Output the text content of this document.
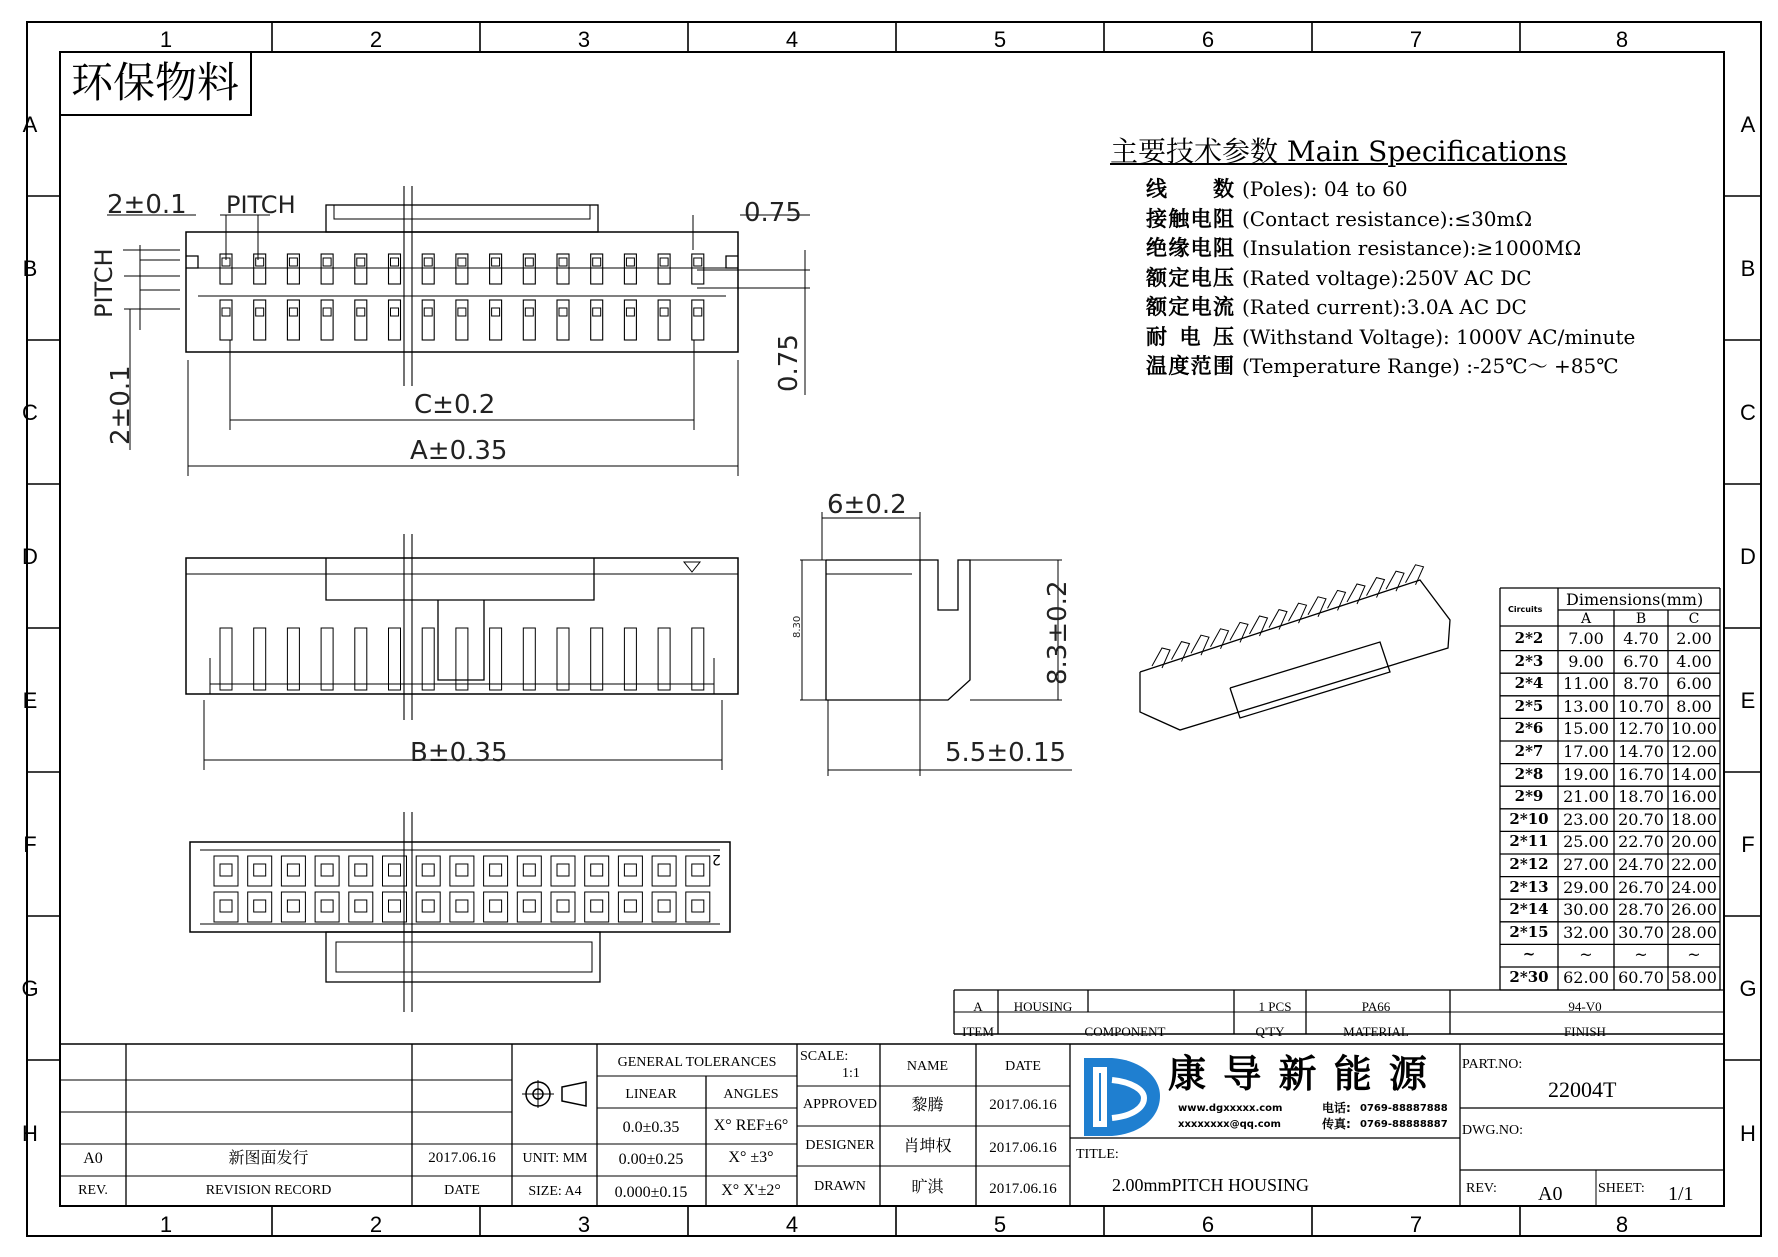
1
1
2
2
3
3
4
4
5
5
6
6
7
7
8
8
A	A
B	B
C	C
D	D
E	E
F	F
G	G
H	H
环保物料
主要技术参数 Main Specifications
线 数 (Poles): 04 to 60
接触电阻 (Contact resistance):≤30mΩ
绝缘电阻 (Insulation resistance):≥1000MΩ
额定电压 (Rated voltage):250V AC DC
额定电流 (Rated current):3.0A AC DC
耐 电 压 (Withstand Voltage): 1000V AC/minute
温度范围 (Temperature Range) :-25℃～ +85℃
2±0.1 PITCH
PITCH
2±0.1
0.75
0.75
C±0.2
A±0.35
B±0.35
6±0.2
8.3±0.2
8.30
5.5±0.15
2
Circuits
Dimensions(mm)
2*2	7.00	4.70	2.00
2*3	9.00	6.70	4.00
2*4	11.00 8.70	6.00
2*5	13.00 10.70 8.00
2*6	15.00 12.70 10.00
2*7	17.00 14.70 12.00
2*8	19.00 16.70 14.00
2*9	21.00 18.70 16.00
2*10 23.00 20.70 18.00
2*11 25.00 22.70 20.00
2*12 27.00 24.70 22.00
2*13 29.00 26.70 24.00
2*14 30.00 28.70 26.00
2*15 32.00 30.70 28.00
~	~	~	~
2*30 62.00 60.70 58.00
A	B	C
A	HOUSING	1 PCS	PA66	94-V0
ITEM	COMPONENT	Q'TY	MATERIAL	FINISH
A0	新图面发行	2017.06.16
REV.	REVISION RECORD	DATE
GENERAL TOLERANCES
LINEAR	ANGLES
0.0±0.35	X° REF±6°
0.00±0.25	X° ±3°
0.000±0.15	X° X'±2°
UNIT: MM
SIZE: A4
SCALE:
1:1	NAME	DATE
APPROVED	黎腾	2017.06.16
DESIGNER	肖坤权	2017.06.16
DRAWN	旷淇	2017.06.16
康 导 新 能 源
www.dgxxxxx.com	电话: 0769-88887888
xxxxxxxx@qq.com	传真: 0769-88888887
TITLE:
2.00mmPITCH HOUSING
PART.NO:
22004T
DWG.NO:
REV: A0	SHEET: 1/1
